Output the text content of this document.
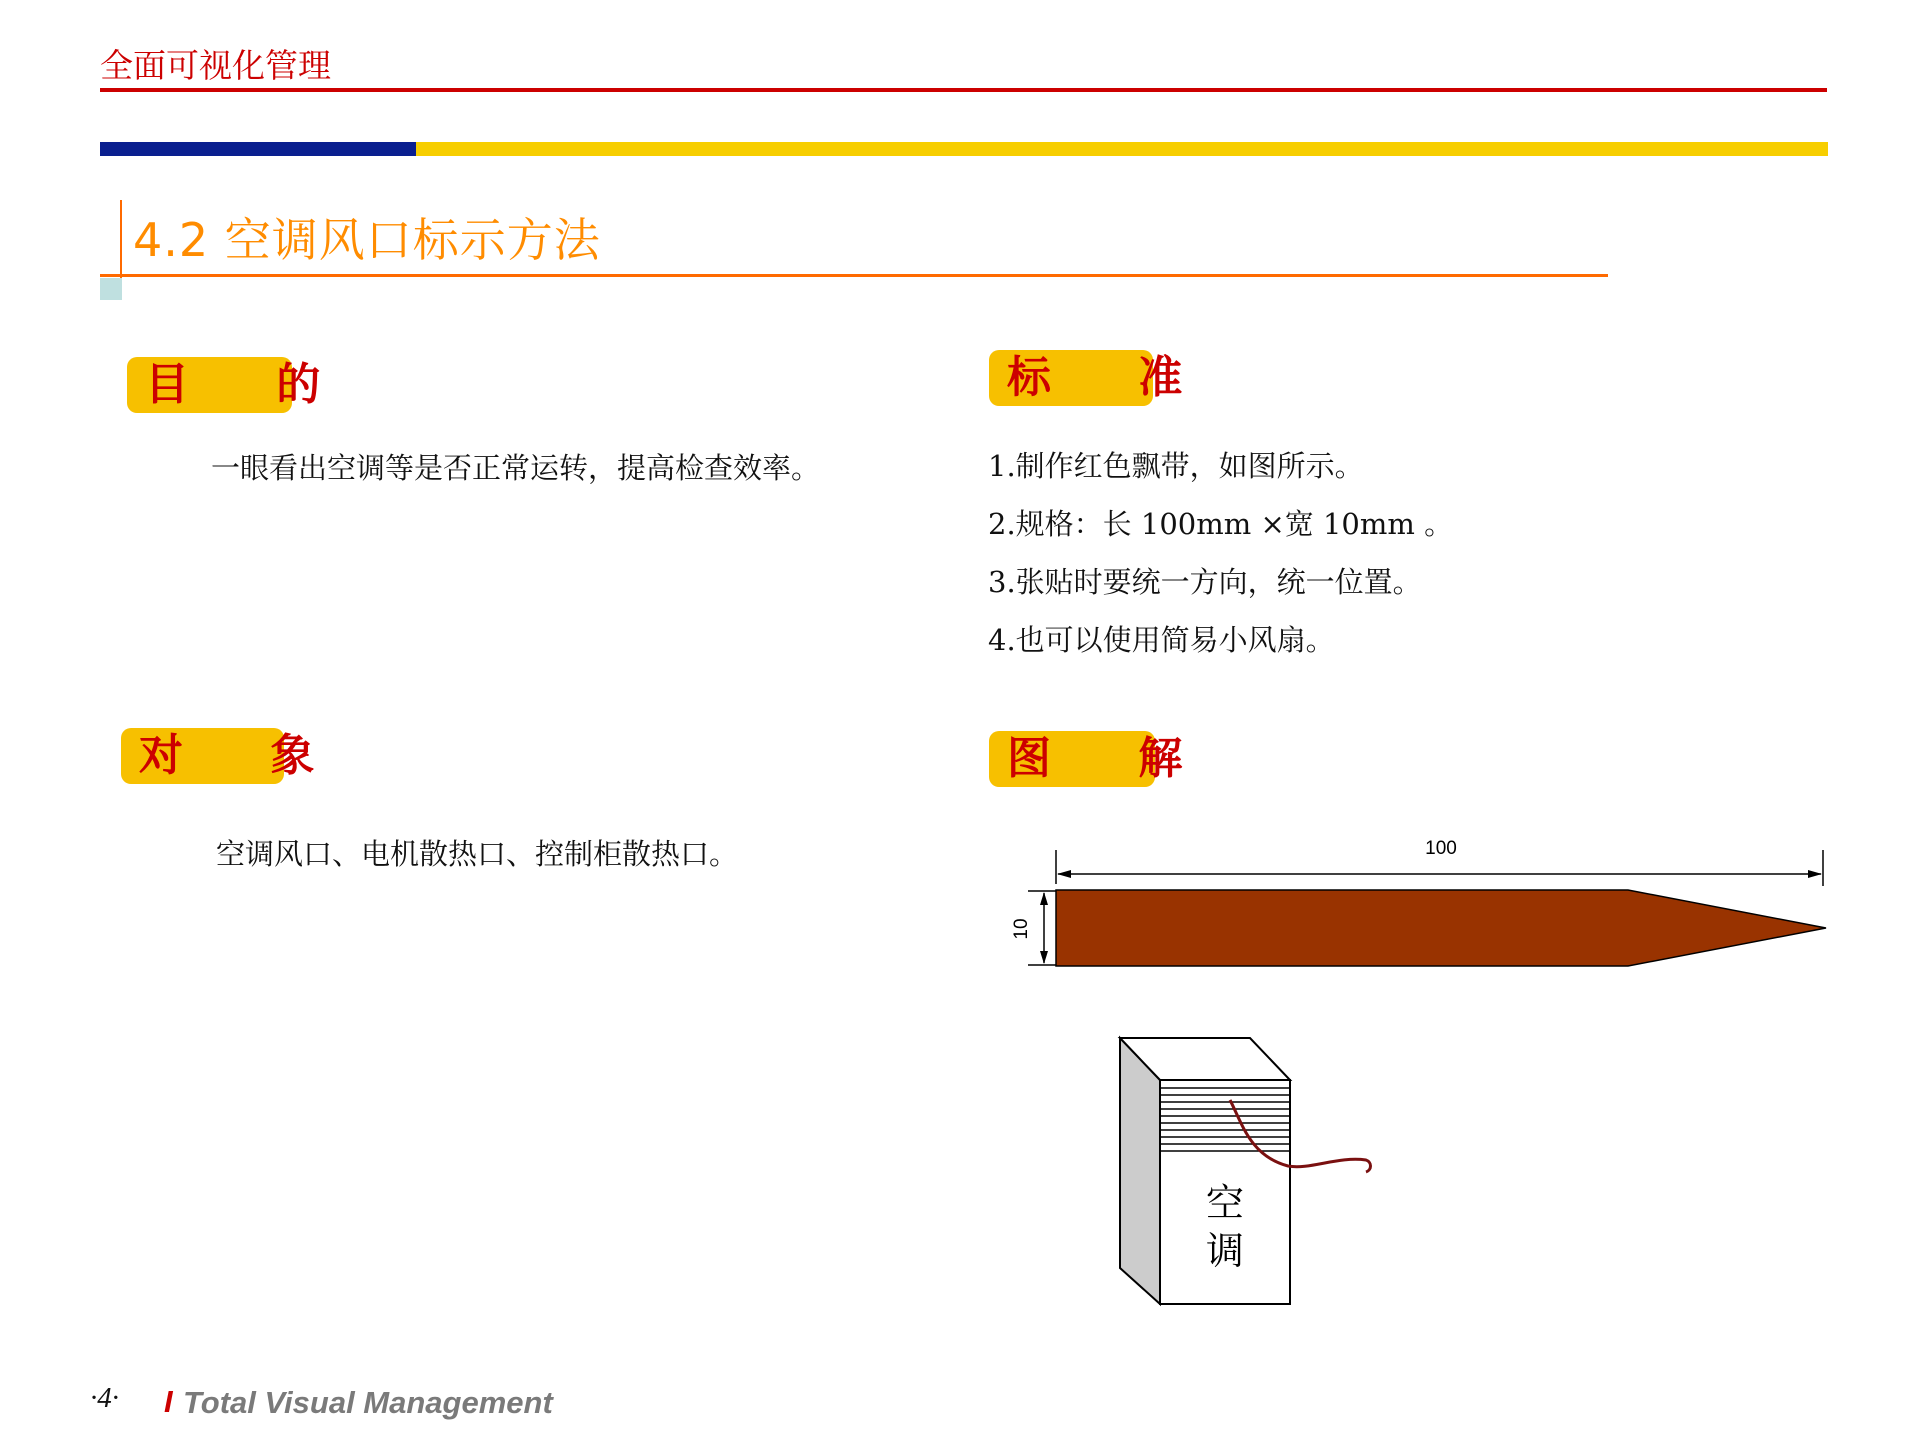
全面可视化管理
4.2 空调风口标示方法
目 的
一眼看出空调等是否正常运转，提高检查效率。
标 准
1.制作红色飘带，如图所示。
2.规格：长 100mm ×宽 10mm 。
3.张贴时要统一方向，统一位置。
4.也可以使用简易小风扇。
对 象
空调风口、电机散热口、控制柜散热口。
图 解
100
10
空
调
·4· I Total Visual Management
